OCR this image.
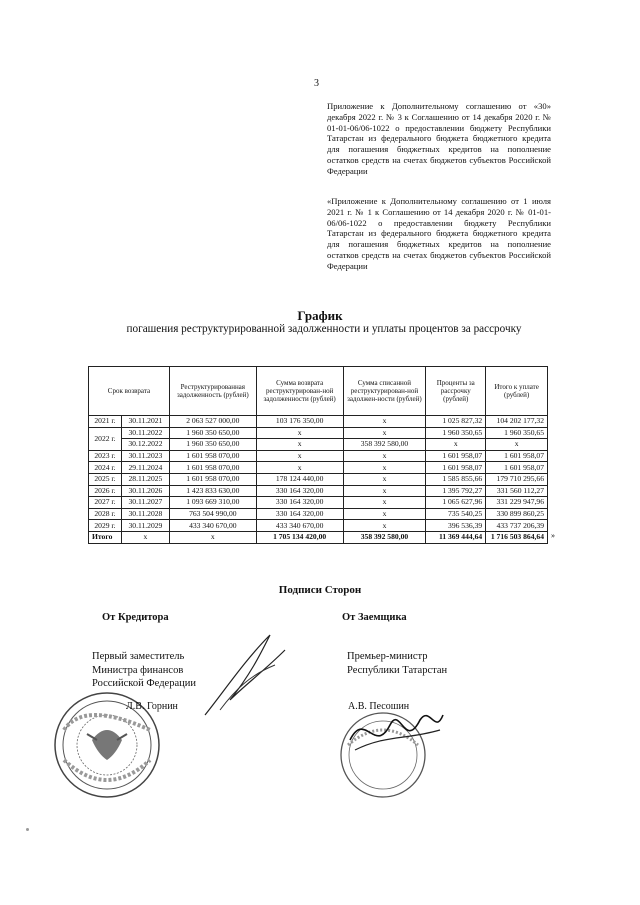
3
Приложение к Дополнительному соглашению от «30» декабря 2022 г. № 3 к Соглашению от 14 декабря 2020 г. № 01-01-06/06-1022 о предоставлении бюджету Республики Татарстан из федерального бюджета бюджетного кредита для погашения бюджетных кредитов на пополнение остатков средств на счетах бюджетов субъектов Российской Федерации
«Приложение к Дополнительному соглашению от 1 июля 2021 г. № 1 к Соглашению от 14 декабря 2020 г. № 01-01-06/06-1022 о предоставлении бюджету Республики Татарстан из федерального бюджета бюджетного кредита для погашения бюджетных кредитов на пополнение остатков средств на счетах бюджетов субъектов Российской Федерации
График
погашения реструктурированной задолженности и уплаты процентов за рассрочку
Срок возврата		Реструктурированная задолженность (рублей)	Сумма возврата реструктурирован-ной задолженности (рублей)	Сумма списанной реструктурирован-ной задолжен-ности (рублей)	Проценты за рассрочку (рублей)	Итого к уплате (рублей)
2021 г.	30.11.2021	2 063 527 000,00	103 176 350,00	x	1 025 827,32	104 202 177,32
2022 г.	30.11.2022	1 960 350 650,00	x	x	1 960 350,65	1 960 350,65
	30.12.2022	1 960 350 650,00	x	358 392 580,00	x	x
2023 г.	30.11.2023	1 601 958 070,00	x	x	1 601 958,07	1 601 958,07
2024 г.	29.11.2024	1 601 958 070,00	x	x	1 601 958,07	1 601 958,07
2025 г.	28.11.2025	1 601 958 070,00	178 124 440,00	x	1 585 855,66	179 710 295,66
2026 г.	30.11.2026	1 423 833 630,00	330 164 320,00	x	1 395 792,27	331 560 112,27
2027 г.	30.11.2027	1 093 669 310,00	330 164 320,00	x	1 065 627,96	331 229 947,96
2028 г.	30.11.2028	763 504 990,00	330 164 320,00	x	735 540,25	330 899 860,25
2029 г.	30.11.2029	433 340 670,00	433 340 670,00	x	396 536,39	433 737 206,39
Итого	x	x	1 705 134 420,00	358 392 580,00	11 369 444,64	1 716 503 864,64 »
Подписи Сторон
От Кредитора	От Заемщика
Первый заместитель
Министра финансов
Российской Федерации
Премьер-министр
Республики Татарстан
Л.В. Горнин	А.В. Песошин
